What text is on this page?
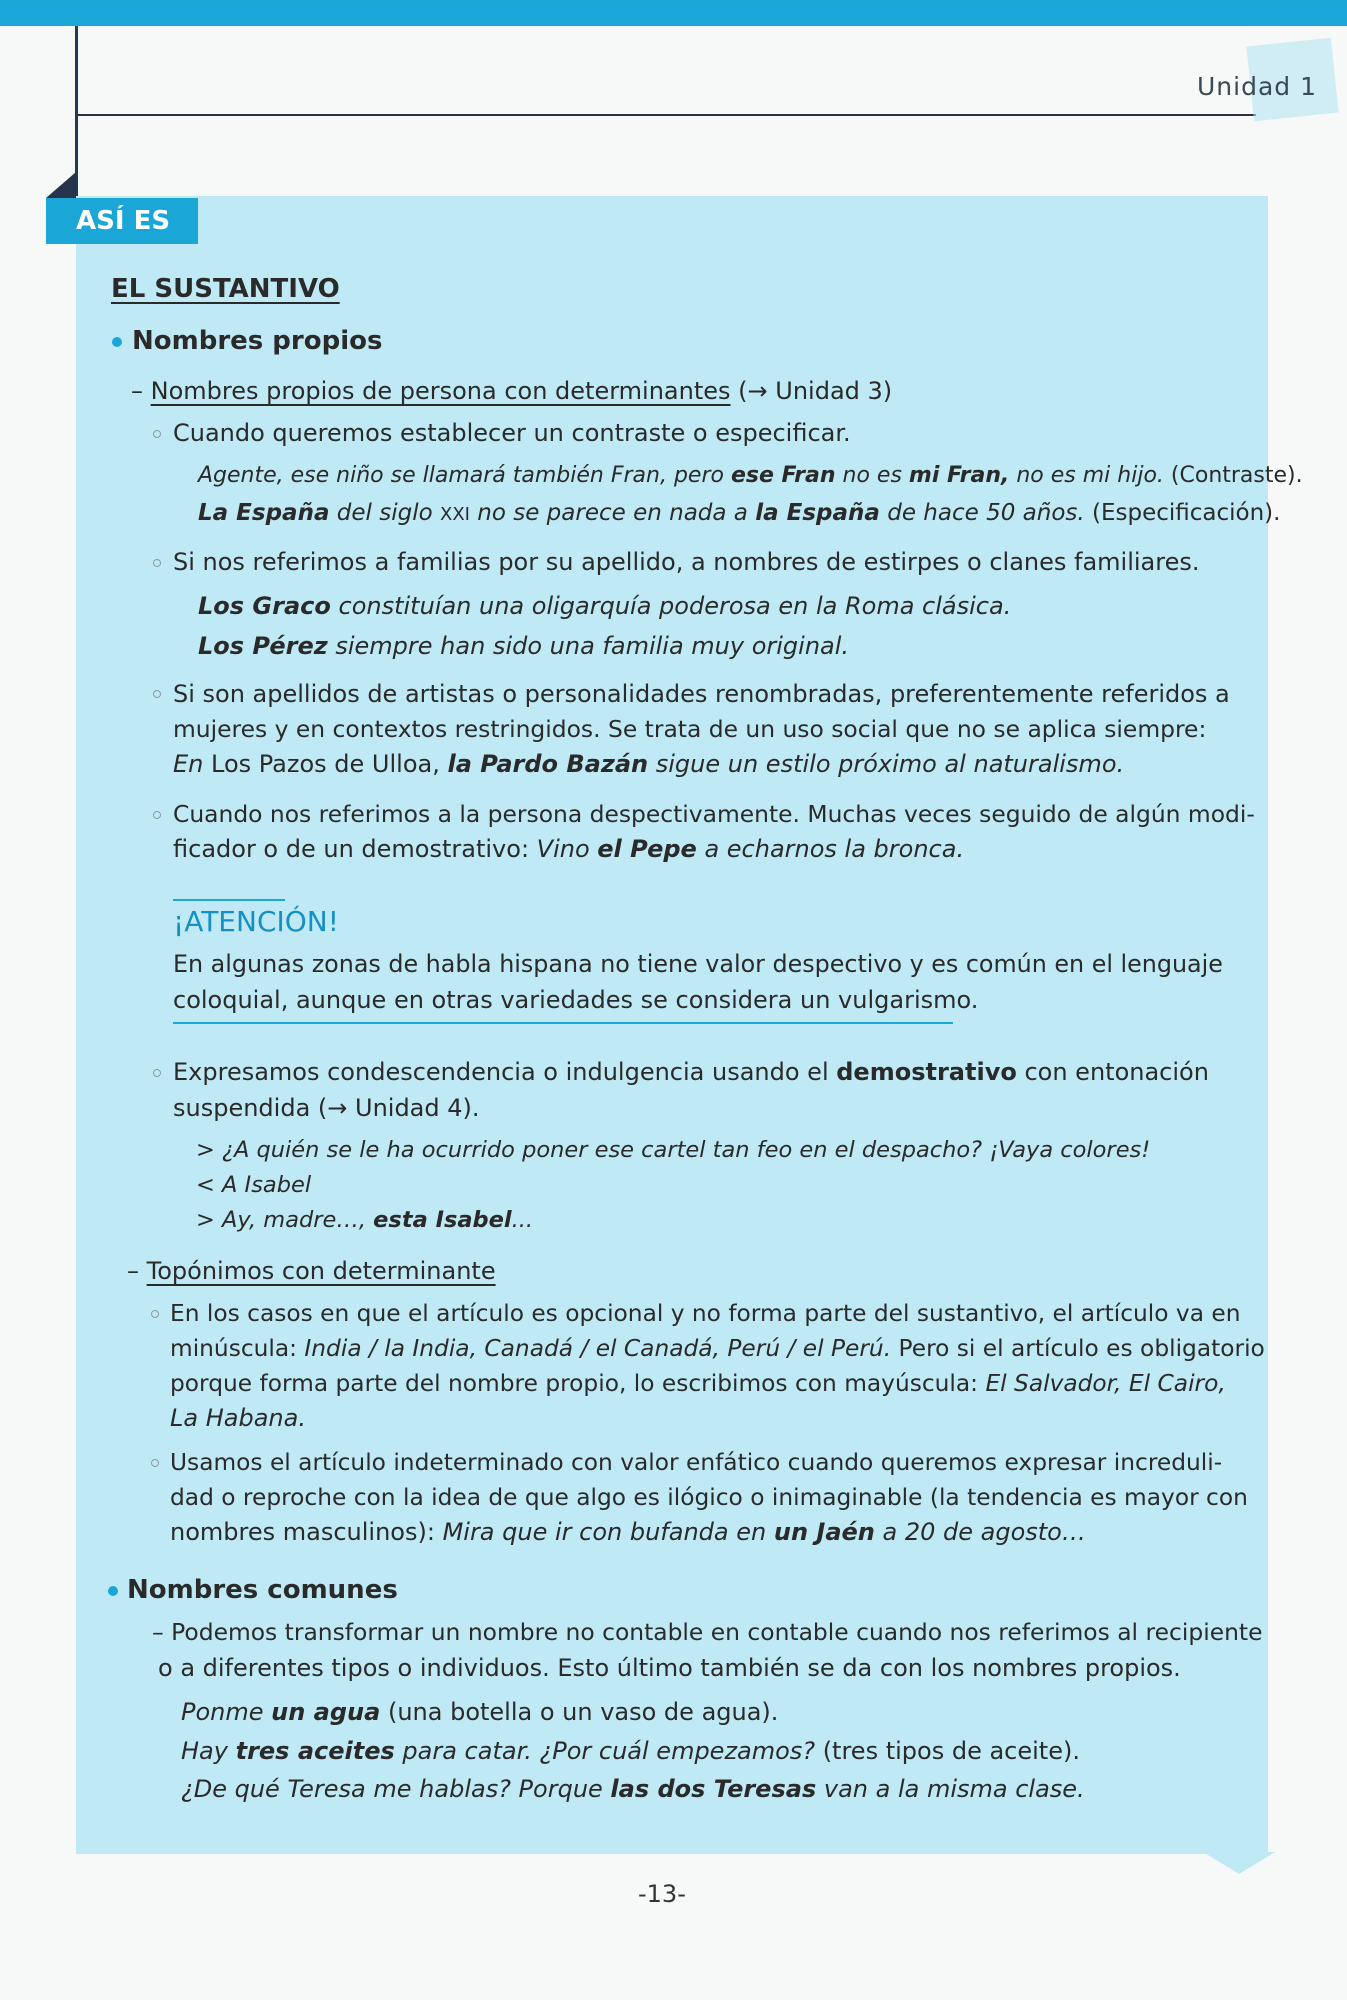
Unidad 1
ASÍ ES
EL SUSTANTIVO
Nombres propios
– Nombres propios de persona con determinantes (→ Unidad 3)
Cuando queremos establecer un contraste o especificar.
Agente, ese niño se llamará también Fran, pero ese Fran no es mi Fran, no es mi hijo. (Contraste).
La España del siglo XXI no se parece en nada a la España de hace 50 años. (Especificación).
Si nos referimos a familias por su apellido, a nombres de estirpes o clanes familiares.
Los Graco constituían una oligarquía poderosa en la Roma clásica.
Los Pérez siempre han sido una familia muy original.
Si son apellidos de artistas o personalidades renombradas, preferentemente referidos a
mujeres y en contextos restringidos. Se trata de un uso social que no se aplica siempre:
En Los Pazos de Ulloa, la Pardo Bazán sigue un estilo próximo al naturalismo.
Cuando nos referimos a la persona despectivamente. Muchas veces seguido de algún modi-
ficador o de un demostrativo: Vino el Pepe a echarnos la bronca.
¡ATENCIÓN!
En algunas zonas de habla hispana no tiene valor despectivo y es común en el lenguaje
coloquial, aunque en otras variedades se considera un vulgarismo.
Expresamos condescendencia o indulgencia usando el demostrativo con entonación
suspendida (→ Unidad 4).
> ¿A quién se le ha ocurrido poner ese cartel tan feo en el despacho? ¡Vaya colores!
< A Isabel
> Ay, madre…, esta Isabel...
– Topónimos con determinante
En los casos en que el artículo es opcional y no forma parte del sustantivo, el artículo va en
minúscula: India / la India, Canadá / el Canadá, Perú / el Perú. Pero si el artículo es obligatorio
porque forma parte del nombre propio, lo escribimos con mayúscula: El Salvador, El Cairo,
La Habana.
Usamos el artículo indeterminado con valor enfático cuando queremos expresar increduli-
dad o reproche con la idea de que algo es ilógico o inimaginable (la tendencia es mayor con
nombres masculinos): Mira que ir con bufanda en un Jaén a 20 de agosto…
Nombres comunes
– Podemos transformar un nombre no contable en contable cuando nos referimos al recipiente
o a diferentes tipos o individuos. Esto último también se da con los nombres propios.
Ponme un agua (una botella o un vaso de agua).
Hay tres aceites para catar. ¿Por cuál empezamos? (tres tipos de aceite).
¿De qué Teresa me hablas? Porque las dos Teresas van a la misma clase.
-13-
